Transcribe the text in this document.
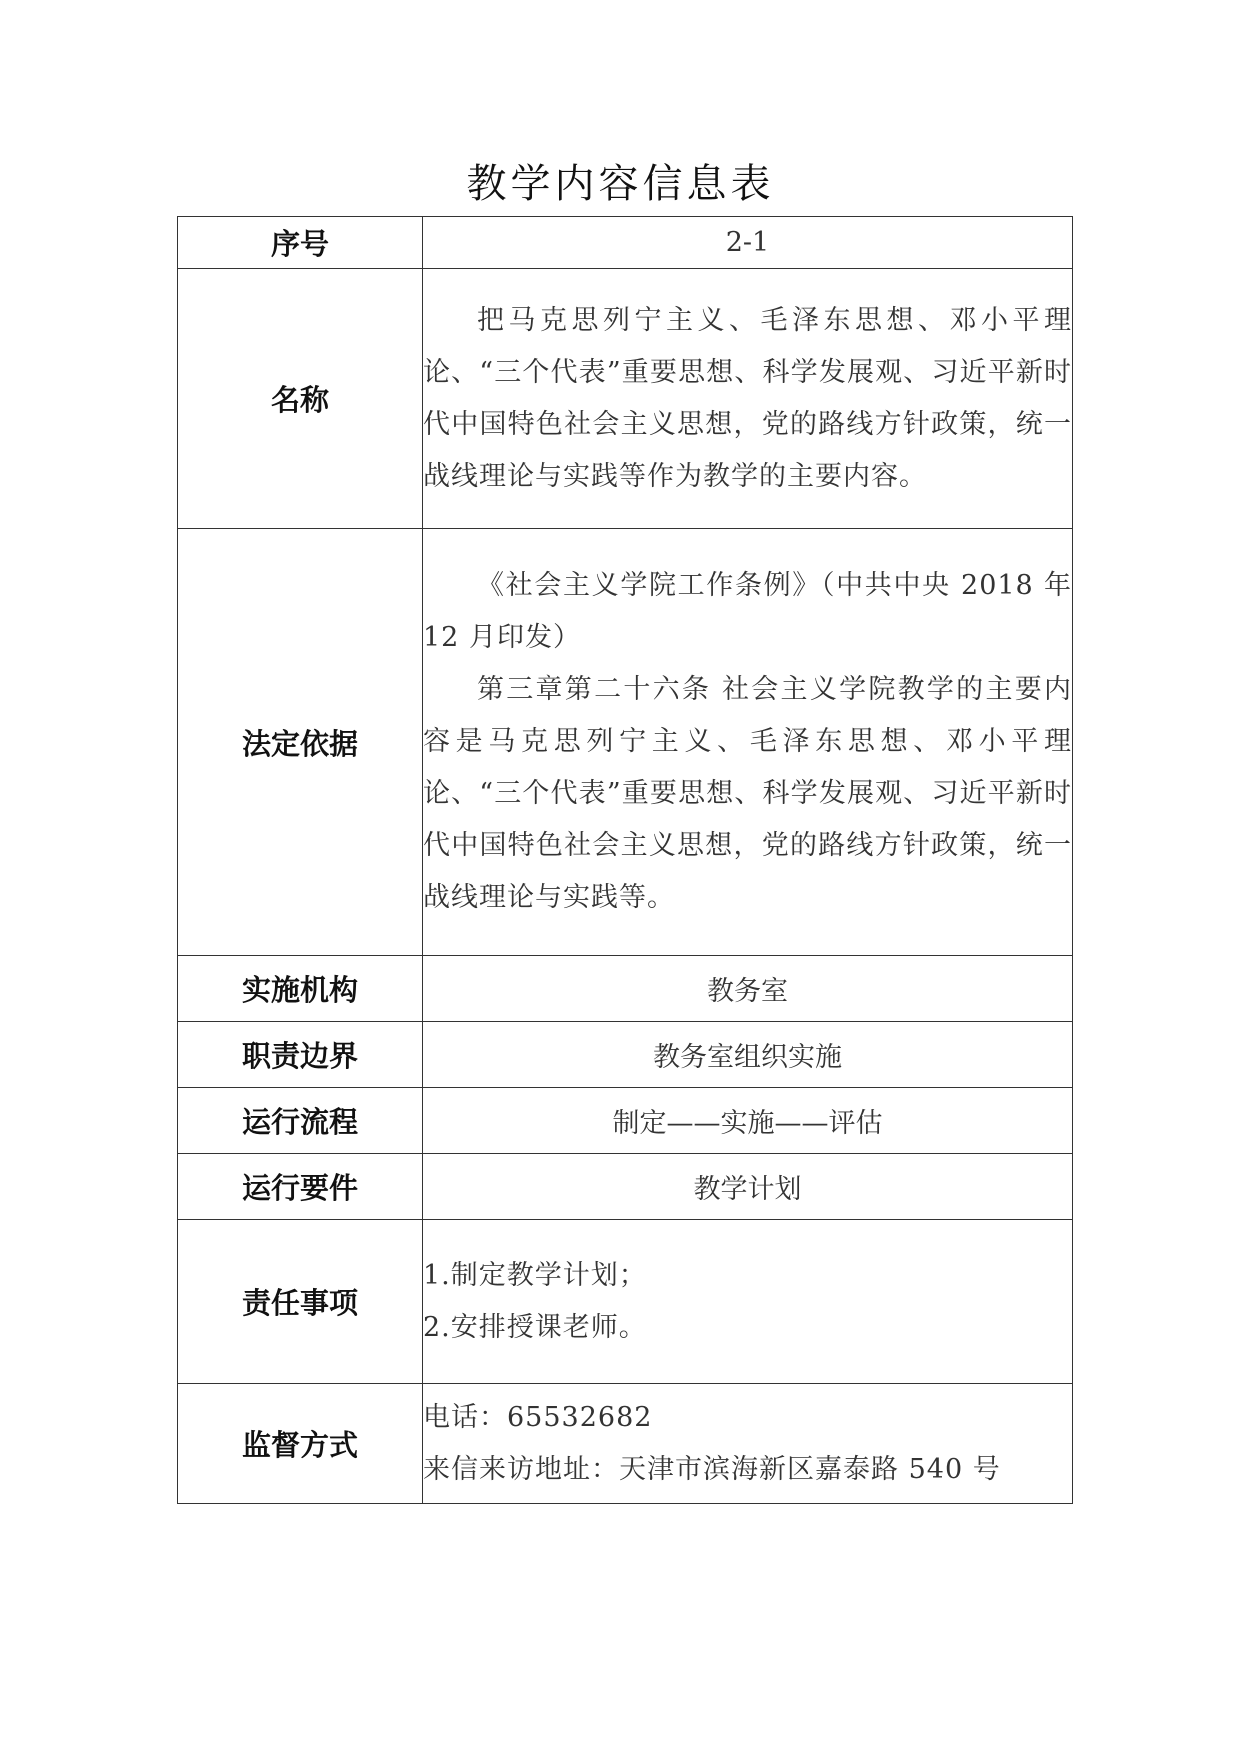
教学内容信息表
序号	2-1
名称	把马克思列宁主义、毛泽东思想、邓小平理论、“三个代表”重要思想、科学发展观、习近平新时代中国特色社会主义思想，党的路线方针政策，统一战线理论与实践等作为教学的主要内容。

法定依据	《社会主义学院工作条例》（中共中央 2018 年 12 月印发）

第三章第二十六条 社会主义学院教学的主要内容是马克思列宁主义、毛泽东思想、邓小平理论、“三个代表”重要思想、科学发展观、习近平新时代中国特色社会主义思想，党的路线方针政策，统一战线理论与实践等。

实施机构	教务室
职责边界	教务室组织实施
运行流程	制定——实施——评估
运行要件	教学计划
责任事项	1.制定教学计划；

2.安排授课老师。

监督方式	电话：65532682

来信来访地址：天津市滨海新区嘉泰路 540 号
